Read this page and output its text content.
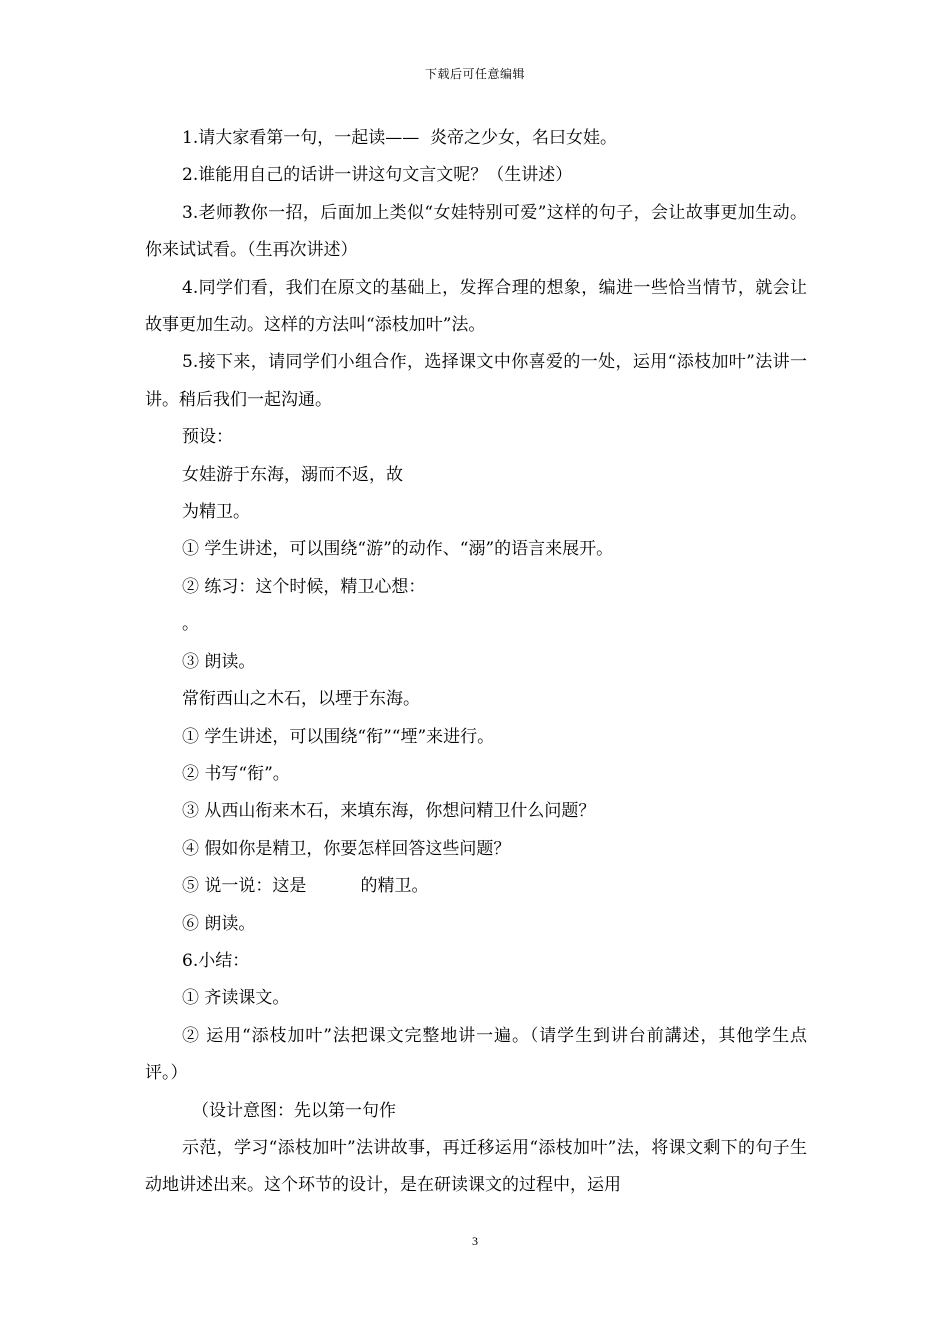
下载后可任意编辑

1.请大家看第一句，一起读——  炎帝之少女，名曰女娃。

2.谁能用自己的话讲一讲这句文言文呢？（生讲述）

3.老师教你一招，后面加上类似“女娃特别可爱”这样的句子，会让故事更加生动。你来试试看。（生再次讲述）

4.同学们看，我们在原文的基础上，发挥合理的想象，编进一些恰当情节，就会让故事更加生动。这样的方法叫“添枝加叶”法。

5.接下来，请同学们小组合作，选择课文中你喜爱的一处，运用“添枝加叶”法讲一讲。稍后我们一起沟通。

预设：

女娃游于东海，溺而不返，故

为精卫。

① 学生讲述，可以围绕“游”的动作、“溺”的语言来展开。

② 练习：这个时候，精卫心想：

。

③ 朗读。

常衔西山之木石，以堙于东海。

① 学生讲述，可以围绕“衔”“堙”来进行。

② 书写“衔”。

③ 从西山衔来木石，来填东海，你想问精卫什么问题？

④ 假如你是精卫，你要怎样回答这些问题？

⑤ 说一说：这是          的精卫。

⑥ 朗读。

6.小结：

① 齐读课文。

② 运用“添枝加叶”法把课文完整地讲一遍。（请学生到讲台前講述，其他学生点评。）

（设计意图：先以第一句作

示范，学习“添枝加叶”法讲故事，再迁移运用“添枝加叶”法，将课文剩下的句子生动地讲述出来。这个环节的设计，是在研读课文的过程中，运用

3
